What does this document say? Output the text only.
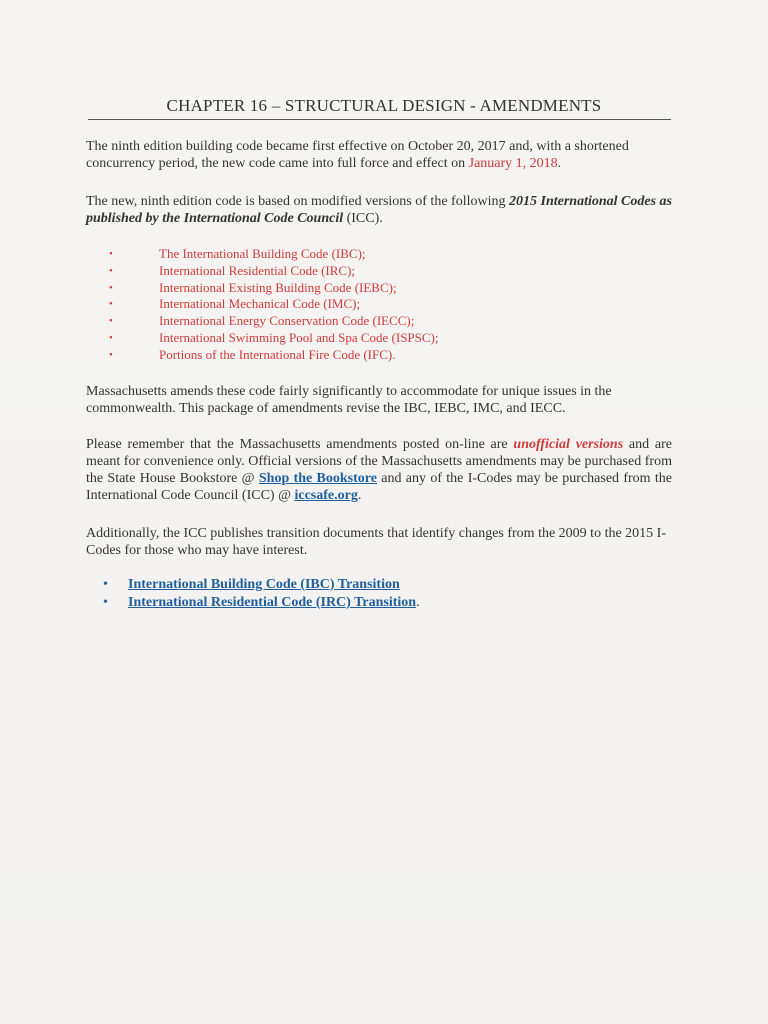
CHAPTER 16 – STRUCTURAL DESIGN - AMENDMENTS
The ninth edition building code became first effective on October 20, 2017 and, with a shortened concurrency period, the new code came into full force and effect on January 1, 2018.
The new, ninth edition code is based on modified versions of the following 2015 International Codes as published by the International Code Council (ICC).
•	The International Building Code (IBC);
•	International Residential Code (IRC);
•	International Existing Building Code (IEBC);
•	International Mechanical Code (IMC);
•	International Energy Conservation Code (IECC);
•	International Swimming Pool and Spa Code (ISPSC);
•	Portions of the International Fire Code (IFC).
Massachusetts amends these code fairly significantly to accommodate for unique issues in the commonwealth. This package of amendments revise the IBC, IEBC, IMC, and IECC.
Please remember that the Massachusetts amendments posted on-line are unofficial versions and are meant for convenience only. Official versions of the Massachusetts amendments may be purchased from the State House Bookstore @ Shop the Bookstore and any of the I-Codes may be purchased from the International Code Council (ICC) @ iccsafe.org.
Additionally, the ICC publishes transition documents that identify changes from the 2009 to the 2015 I-Codes for those who may have interest.
• International Building Code (IBC) Transition
• International Residential Code (IRC) Transition.
